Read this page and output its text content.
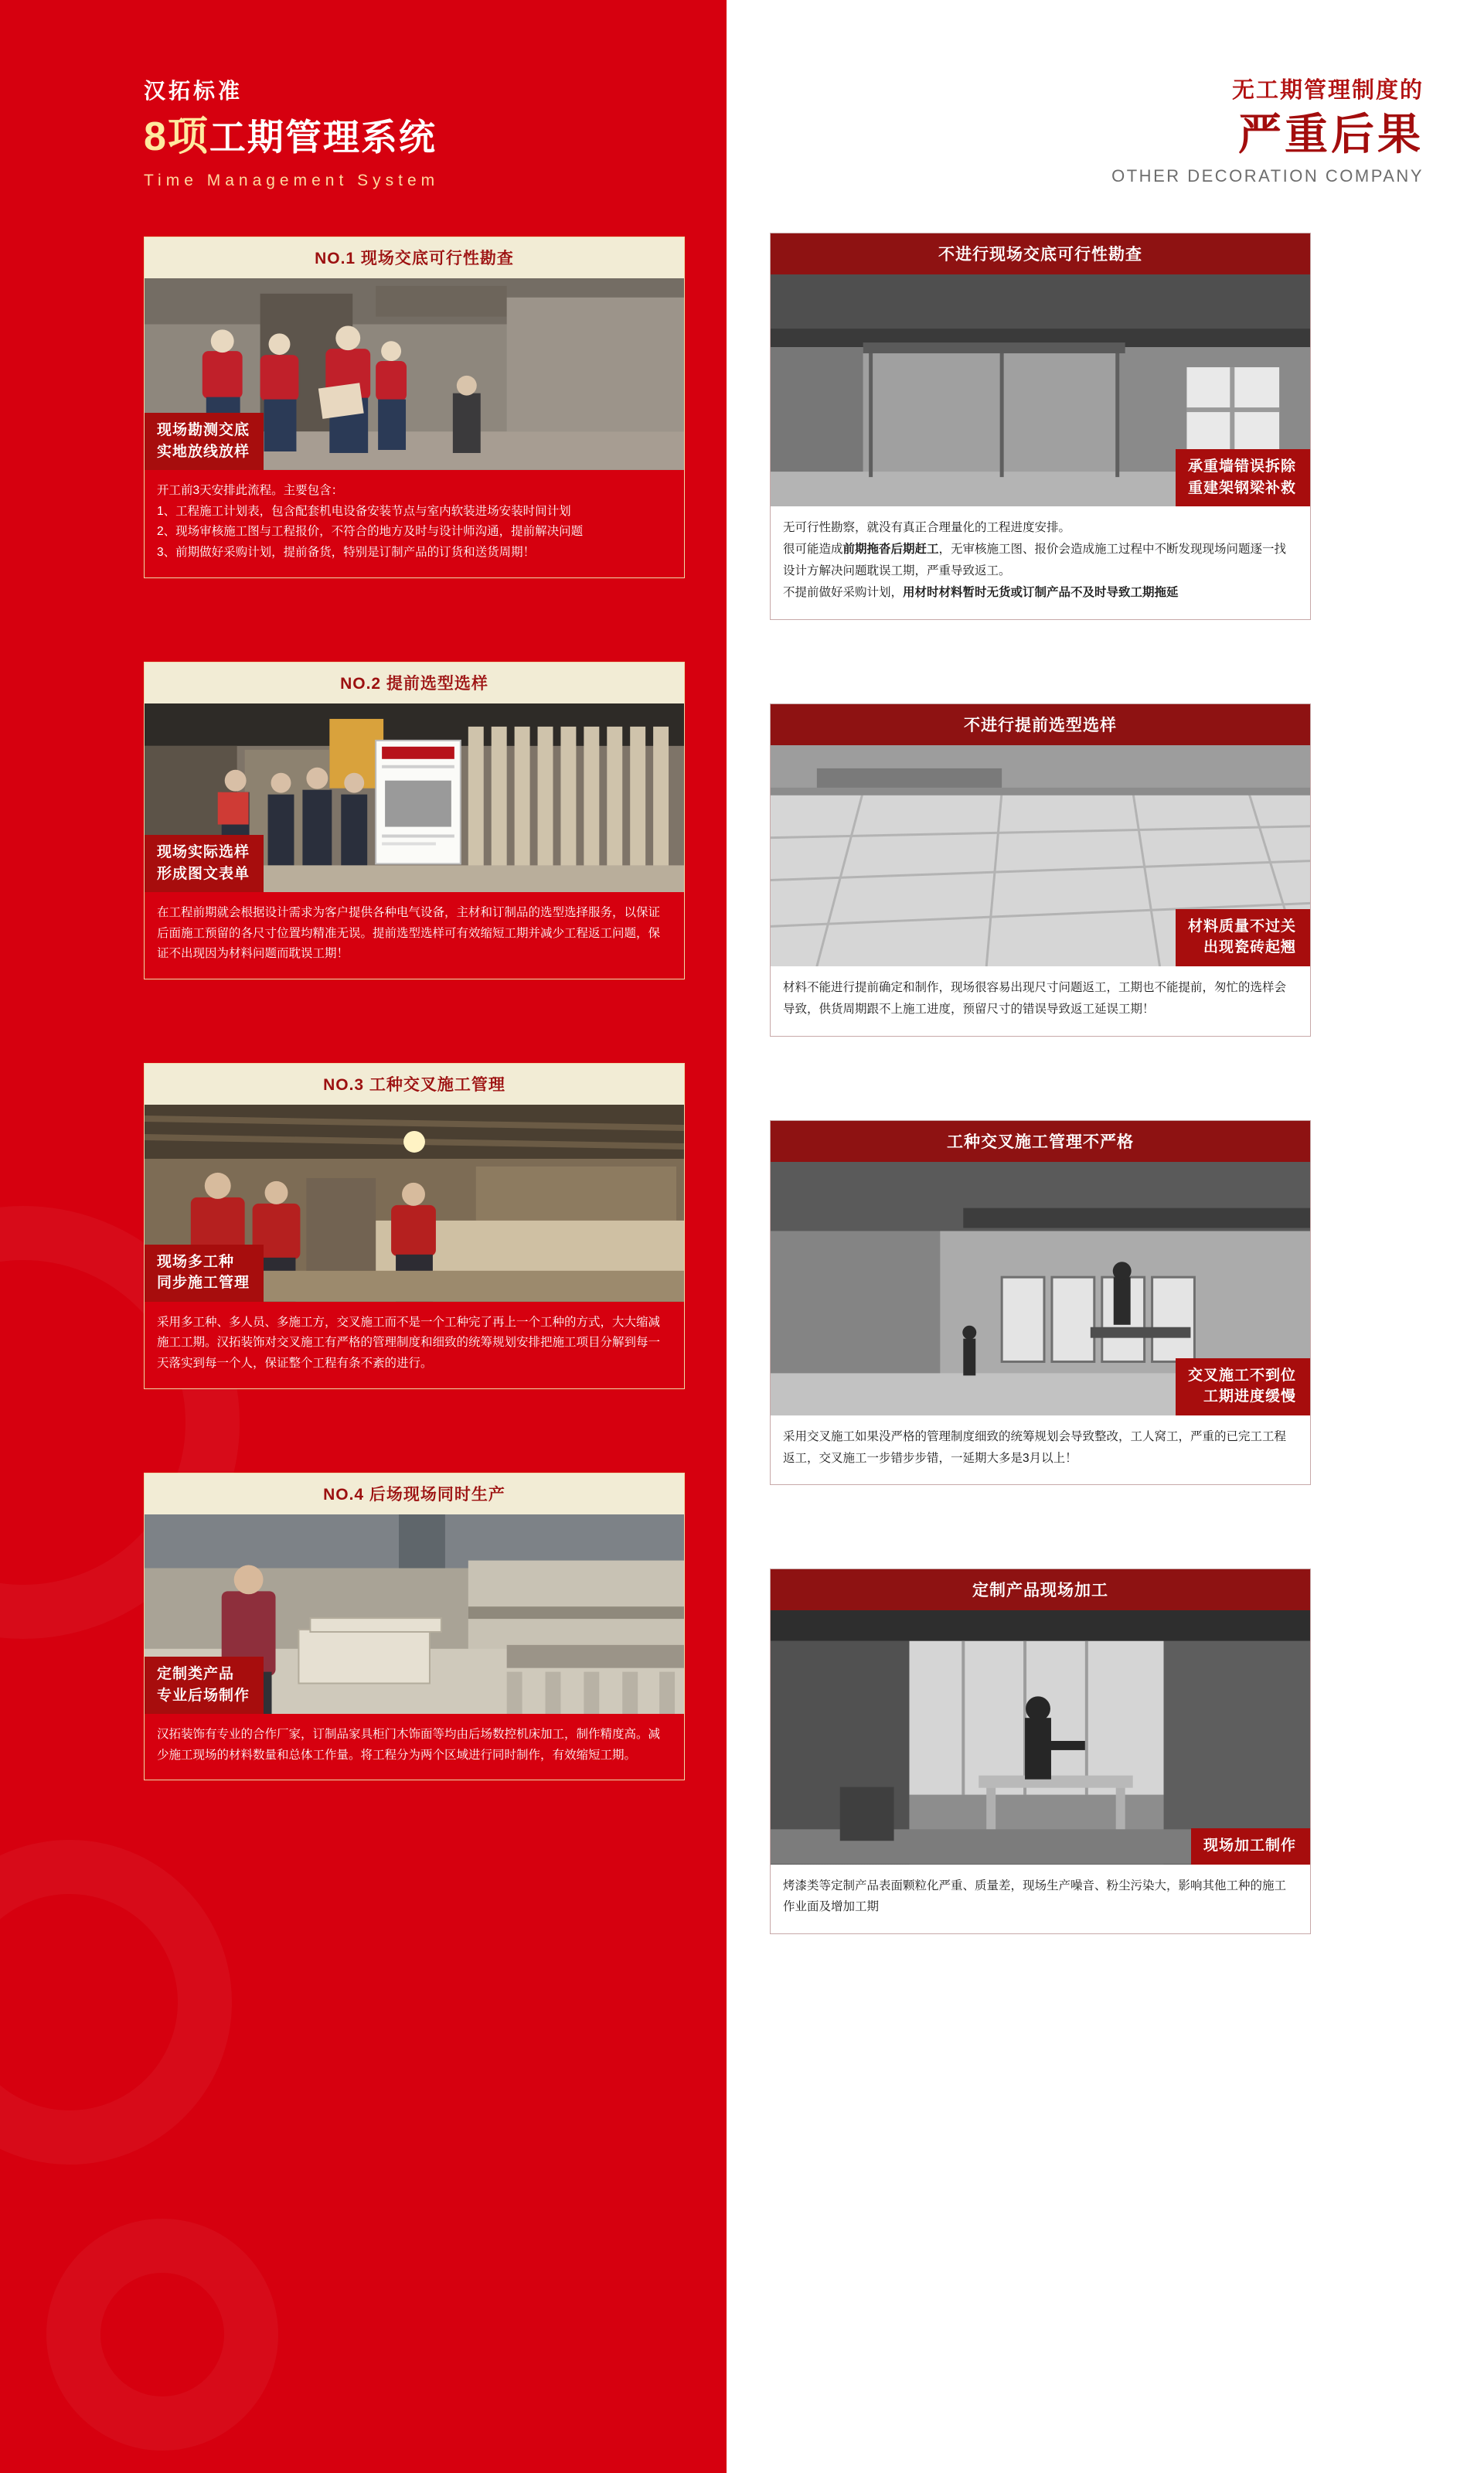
汉拓标准
8项工期管理系统
Time Management System
NO.1 现场交底可行性勘查
现场勘测交底
实地放线放样

开工前3天安排此流程。主要包含：

1、工程施工计划表，包含配套机电设备安装节点与室内软装进场安装时间计划

2、现场审核施工图与工程报价，不符合的地方及时与设计师沟通，提前解决问题

3、前期做好采购计划，提前备货，特别是订制产品的订货和送货周期！

NO.2 提前选型选样
现场实际选样
形成图文表单

在工程前期就会根据设计需求为客户提供各种电气设备，主材和订制品的选型选择服务，以保证后面施工预留的各尺寸位置均精准无误。提前选型选样可有效缩短工期并减少工程返工问题，保证不出现因为材料问题而耽误工期！

NO.3 工种交叉施工管理
现场多工种
同步施工管理

采用多工种、多人员、多施工方，交叉施工而不是一个工种完了再上一个工种的方式，大大缩减施工工期。汉拓装饰对交叉施工有严格的管理制度和细致的统筹规划安排把施工项目分解到每一天落实到每一个人，保证整个工程有条不紊的进行。

NO.4 后场现场同时生产
定制类产品
专业后场制作

汉拓装饰有专业的合作厂家，订制品家具柜门木饰面等均由后场数控机床加工，制作精度高。减少施工现场的材料数量和总体工作量。将工程分为两个区域进行同时制作，有效缩短工期。

无工期管理制度的
严重后果
OTHER DECORATION COMPANY
不进行现场交底可行性勘查
承重墙错误拆除
重建架钢梁补救

无可行性勘察，就没有真正合理量化的工程进度安排。

很可能造成前期拖沓后期赶工，无审核施工图、报价会造成施工过程中不断发现现场问题逐一找设计方解决问题耽误工期，严重导致返工。

不提前做好采购计划，用材时材料暂时无货或订制产品不及时导致工期拖延

不进行提前选型选样
材料质量不过关
出现瓷砖起翘

材料不能进行提前确定和制作，现场很容易出现尺寸问题返工，工期也不能提前，匆忙的选样会导致，供货周期跟不上施工进度，预留尺寸的错误导致返工延误工期！

工种交叉施工管理不严格
交叉施工不到位
工期进度缓慢

采用交叉施工如果没严格的管理制度细致的统筹规划会导致整改，工人窝工，严重的已完工工程返工，交叉施工一步错步步错，一延期大多是3月以上！

定制产品现场加工
现场加工制作

烤漆类等定制产品表面颗粒化严重、质量差，现场生产噪音、粉尘污染大，影响其他工种的施工作业面及增加工期
